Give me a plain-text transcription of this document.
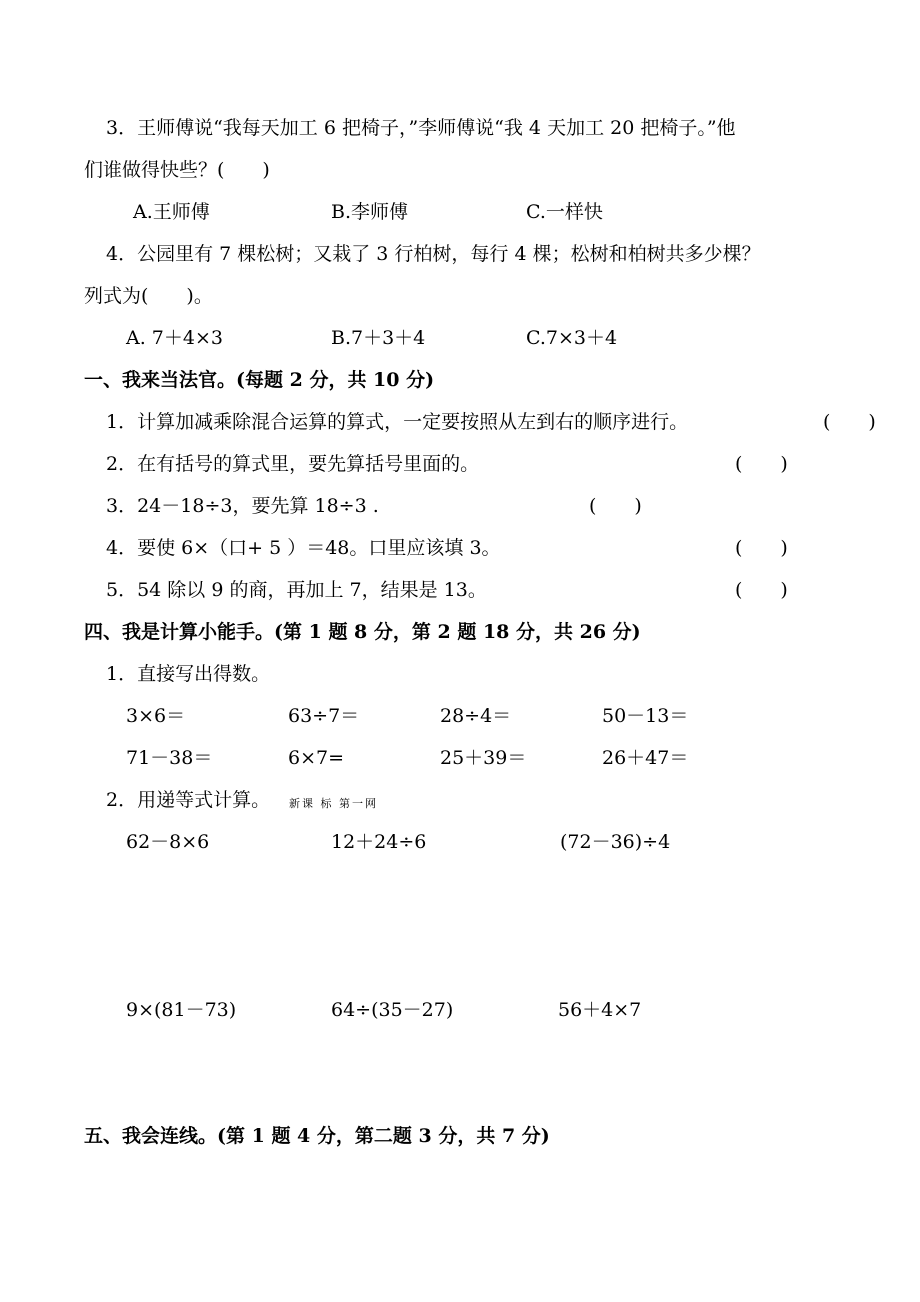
3．王师傅说“我每天加工 6 把椅子，”李师傅说“我 4 天加工 20 把椅子。”他
们谁做得快些？(　　)
A.王师傅	B.李师傅	C.一样快
4．公园里有 7 棵松树；又栽了 3 行柏树，每行 4 棵；松树和柏树共多少棵？
列式为(　　)。
A. 7＋4×3	B.7＋3＋4	C.7×3＋4
一、我来当法官。(每题 2 分，共 10 分)
1．计算加减乘除混合运算的算式，一定要按照从左到右的顺序进行。	(　　)
2．在有括号的算式里，要先算括号里面的。	(　　)
3．24－18÷3，要先算 18÷3 .	(　　)
4．要使 6×（口+ 5 ）＝48。口里应该填 3。	(　　)
5．54 除以 9 的商，再加上 7，结果是 13。	(　　)
四、我是计算小能手。(第 1 题 8 分，第 2 题 18 分，共 26 分)
1．直接写出得数。
3×6＝	63÷7＝	28÷4＝	50－13＝
71－38＝	6×7=	25＋39＝	26＋47＝
2．用递等式计算。 新课 标 第一网
62－8×6	12＋24÷6	(72－36)÷4
9×(81－73)	64÷(35－27)	56＋4×7
五、我会连线。(第 1 题 4 分，第二题 3 分，共 7 分)
